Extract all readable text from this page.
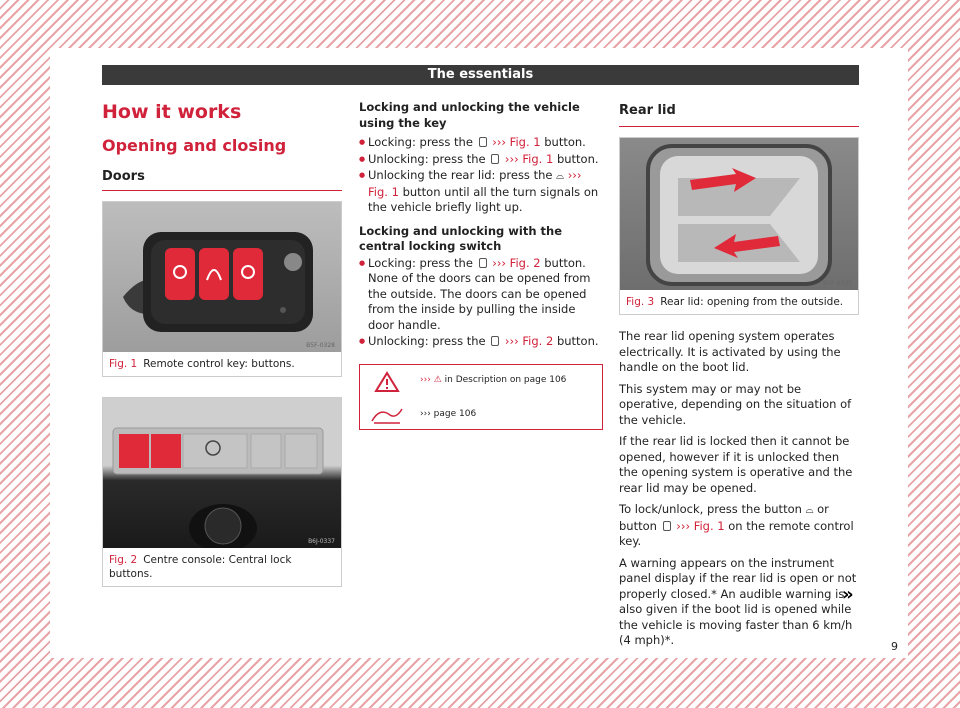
The essentials
How it works
Opening and closing
Doors
B5F-0328
Fig. 1 Remote control key: buttons.
B6J-0337
Fig. 2 Centre console: Central lock buttons.
Locking and unlocking the vehicle using the key
● Locking: press the ››› Fig. 1 button.
● Unlocking: press the ››› Fig. 1 button.
● Unlocking the rear lid: press the ⌓ ››› Fig. 1 button until all the turn signals on the vehicle briefly light up.
Locking and unlocking with the central locking switch
● Locking: press the ››› Fig. 2 button. None of the doors can be opened from the outside. The doors can be opened from the inside by pulling the inside door handle.
● Unlocking: press the ››› Fig. 2 button.
››› ⚠ in Description on page 106
››› page 106
Rear lid
B5F-0335
Fig. 3 Rear lid: opening from the outside.
The rear lid opening system operates electrically. It is activated by using the handle on the boot lid.
This system may or may not be operative, depending on the situation of the vehicle.
If the rear lid is locked then it cannot be opened, however if it is unlocked then the opening system is operative and the rear lid may be opened.
To lock/unlock, press the button ⌓ or button ››› Fig. 1 on the remote control key.
A warning appears on the instrument panel display if the rear lid is open or not properly closed.* An audible warning is also given if the boot lid is opened while the vehicle is moving faster than 6 km/h (4 mph)*.
»
9
